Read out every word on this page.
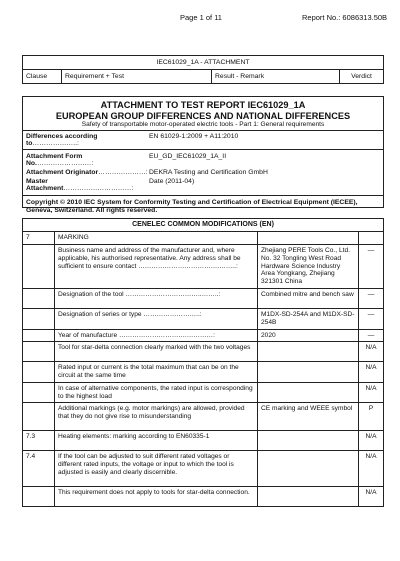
Page 1 of 11	Report No.: 6086313.50B
IEC61029_1A - ATTACHMENT
Clause	Requirement + Test	Result - Remark	Verdict
ATTACHMENT TO TEST REPORT IEC61029_1A
EUROPEAN GROUP DIFFERENCES AND NATIONAL DIFFERENCES
Safety of transportable motor-operated electric tools - Part 1: General requirements
Differences according to………………..:
EN 61029-1:2009 + A11:2010
Attachment Form No.……………………:
EU_GD_IEC61029_1A_II
Attachment Originator…………………: DEKRA Testing and Certification GmbH
Master Attachment…………………………:
Date (2011-04)
Copyright © 2010 IEC System for Conformity Testing and Certification of Electrical Equipment (IECEE), Geneva, Switzerland. All rights reserved.
CENELEC COMMON MODIFICATIONS (EN)			
7	MARKING		
	Business name and address of the manufacturer and, where applicable, his authorised representative. Any address shall be sufficient to ensure contact ……………………………….……..:	Zhejiang PERE Tools Co., Ltd. No. 32 Tongling West Road Hardware Science Industry Area Yongkang, Zhejiang 321301 China	—
	Designation of the tool ……………………………..……..:	Combined mitre and bench saw	—
	Designation of series or type ……………………..:	M1DX-SD-254A and M1DX-SD-254B	—
	Year of manufacture ………………………….…………:	2020	—
	Tool for star-delta connection clearly marked with the two voltages		N/A
	Rated input or current is the total maximum that can be on the circuit at the same time		N/A
	In case of alternative components, the rated input is corresponding to the highest load		N/A
	Additional markings (e.g. motor markings) are allowed, provided that they do not give rise to misunderstanding	CE marking and WEEE symbol	P
7.3	Heating elements: marking according to EN60335-1		N/A
7.4	If the tool can be adjusted to suit different rated voltages or different rated inputs, the voltage or input to which the tool is adjusted is easily and clearly discernible.		N/A
	This requirement does not apply to tools for star-delta connection.		N/A
